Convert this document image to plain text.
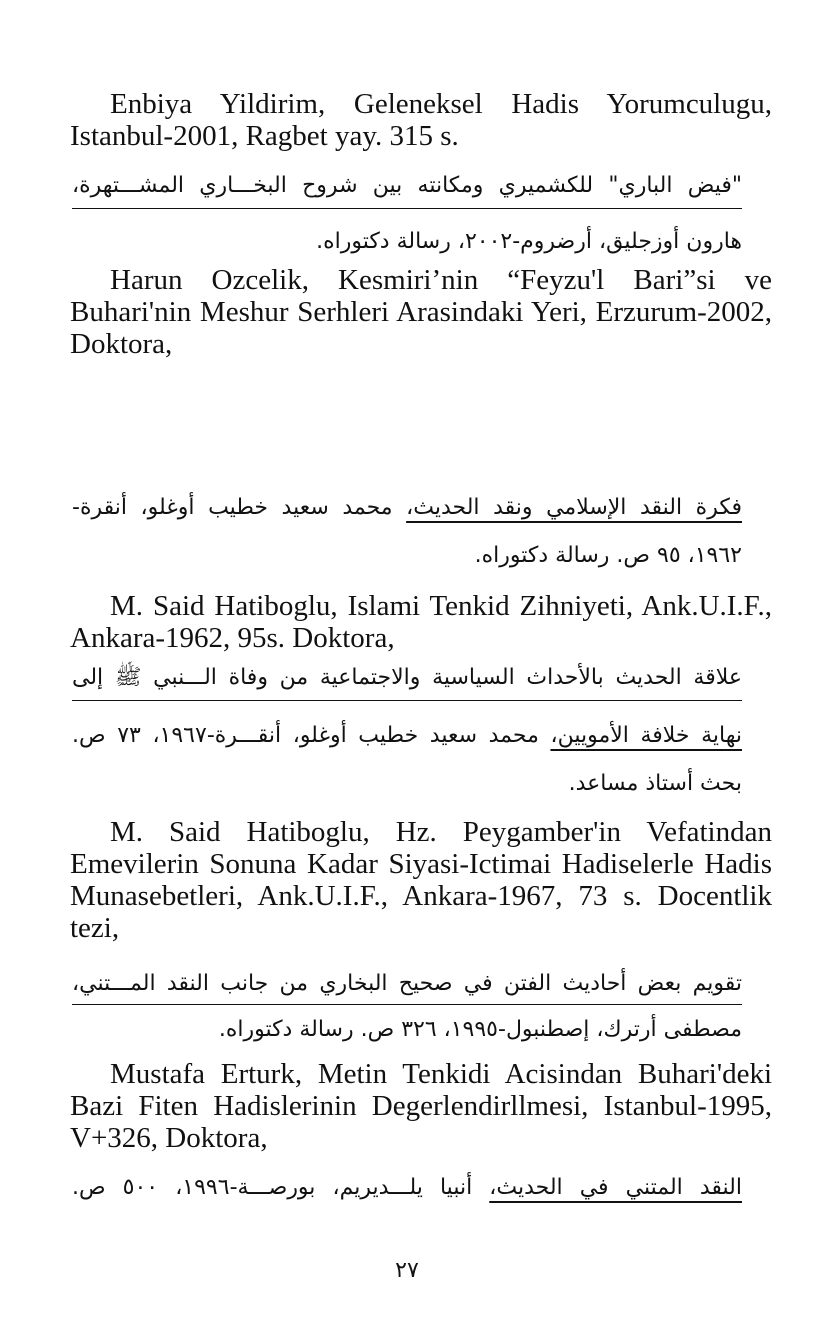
Enbiya Yildirim, Geleneksel Hadis Yorumculugu, Istanbul-2001, Ragbet yay. 315 s.
"فيض الباري" للكشميري ومكانته بين شروح البخـــاري المشـــتهرة،
هارون أوزجليق، أرضروم-٢٠٠٢، رسالة دكتوراه.
Harun Ozcelik, Kesmiri’nin “Feyzu'l Bari”si ve Buhari'nin Meshur Serhleri Arasindaki Yeri, Erzurum-2002, Doktora,
فكرة النقد الإسلامي ونقد الحديث، محمد سعيد خطيب أوغلو، أنقرة-
١٩٦٢، ٩٥ ص. رسالة دكتوراه.
M. Said Hatiboglu, Islami Tenkid Zihniyeti, Ank.U.I.F., Ankara-1962, 95s. Doktora,
علاقة الحديث بالأحداث السياسية والاجتماعية من وفاة الـــنبي ﷺ إلى
نهاية خلافة الأمويين، محمد سعيد خطيب أوغلو، أنقـــرة-١٩٦٧، ٧٣ ص.
بحث أستاذ مساعد.
M. Said Hatiboglu, Hz. Peygamber'in Vefatindan Emevilerin Sonuna Kadar Siyasi-Ictimai Hadiselerle Hadis Munasebetleri, Ank.U.I.F., Ankara-1967, 73 s. Docentlik tezi,
تقويم بعض أحاديث الفتن في صحيح البخاري من جانب النقد المـــتني،
مصطفى أرترك، إصطنبول-١٩٩٥، ٣٢٦ ص. رسالة دكتوراه.
Mustafa Erturk, Metin Tenkidi Acisindan Buhari'deki Bazi Fiten Hadislerinin Degerlendirllmesi, Istanbul-1995, V+326, Doktora,
النقد المتني في الحديث، أنبيا يلـــديريم، بورصـــة-١٩٩٦، ٥٠٠ ص.
٢٧
